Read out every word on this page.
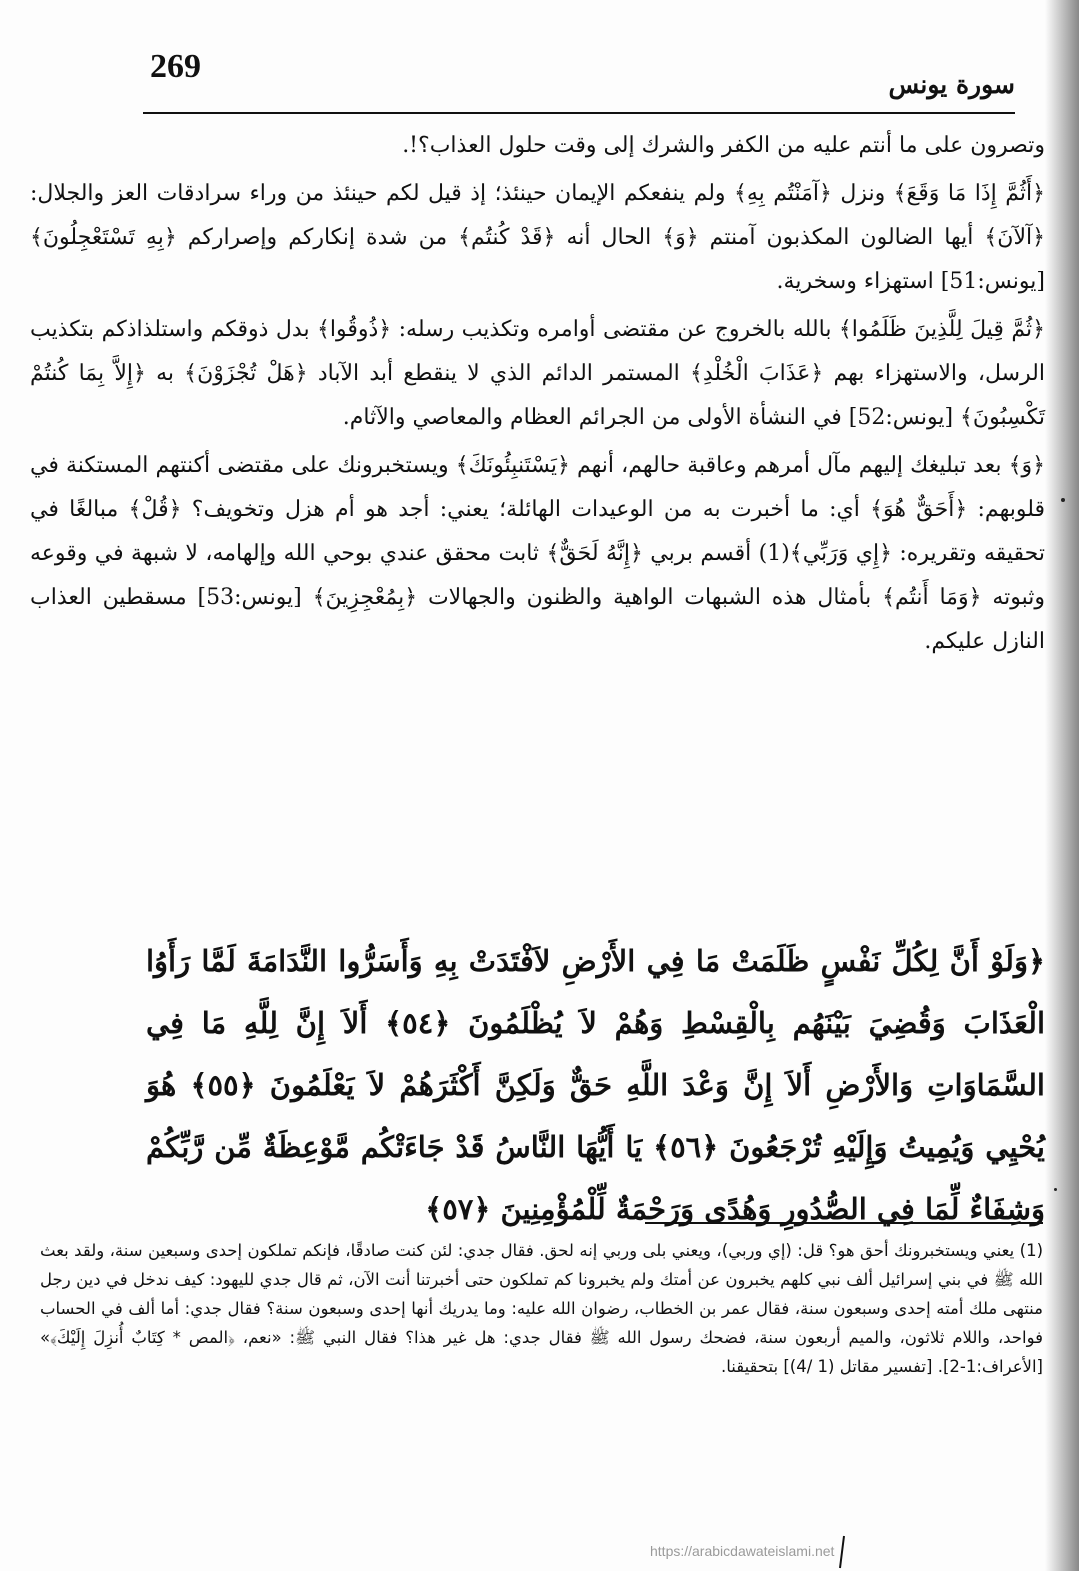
269	سورة يونس

وتصرون على ما أنتم عليه من الكفر والشرك إلى وقت حلول العذاب؟!.

﴿أَثُمَّ إِذَا مَا وَقَعَ﴾ ونزل ﴿آمَنْتُم بِهِ﴾ ولم ينفعكم الإيمان حينئذ؛ إذ قيل لكم حينئذ من وراء سرادقات العز والجلال: ﴿آلآنَ﴾ أيها الضالون المكذبون آمنتم ﴿وَ﴾ الحال أنه ﴿قَدْ كُنتُم﴾ من شدة إنكاركم وإصراركم ﴿بِهِ تَسْتَعْجِلُونَ﴾ [يونس:51] استهزاء وسخرية.

﴿ثُمَّ قِيلَ لِلَّذِينَ ظَلَمُوا﴾ بالله بالخروج عن مقتضى أوامره وتكذيب رسله: ﴿ذُوقُوا﴾ بدل ذوقكم واستلذاذكم بتكذيب الرسل، والاستهزاء بهم ﴿عَذَابَ الْخُلْدِ﴾ المستمر الدائم الذي لا ينقطع أبد الآباد ﴿هَلْ تُجْزَوْنَ﴾ به ﴿إِلاَّ بِمَا كُنتُمْ تَكْسِبُونَ﴾ [يونس:52] في النشأة الأولى من الجرائم العظام والمعاصي والآثام.

﴿وَ﴾ بعد تبليغك إليهم مآل أمرهم وعاقبة حالهم، أنهم ﴿يَسْتَنبِئُونَكَ﴾ ويستخبرونك على مقتضى أكنتهم المستكنة في قلوبهم: ﴿أَحَقٌّ هُوَ﴾ أي: ما أخبرت به من الوعيدات الهائلة؛ يعني: أجد هو أم هزل وتخويف؟ ﴿قُلْ﴾ مبالغًا في تحقيقه وتقريره: ﴿إِي وَرَبِّي﴾(1) أقسم بربي ﴿إِنَّهُ لَحَقٌّ﴾ ثابت محقق عندي بوحي الله وإلهامه، لا شبهة في وقوعه وثبوته ﴿وَمَا أَنتُم﴾ بأمثال هذه الشبهات الواهية والظنون والجهالات ﴿بِمُعْجِزِينَ﴾ [يونس:53] مسقطين العذاب النازل عليكم.

﴿وَلَوْ أَنَّ لِكُلِّ نَفْسٍ ظَلَمَتْ مَا فِي الأَرْضِ لاَفْتَدَتْ بِهِ وَأَسَرُّوا النَّدَامَةَ لَمَّا رَأَوُا الْعَذَابَ وَقُضِيَ بَيْنَهُم بِالْقِسْطِ وَهُمْ لاَ يُظْلَمُونَ ﴿٥٤﴾ أَلاَ إِنَّ لِلَّهِ مَا فِي السَّمَاوَاتِ وَالأَرْضِ أَلاَ إِنَّ وَعْدَ اللَّهِ حَقٌّ وَلَكِنَّ أَكْثَرَهُمْ لاَ يَعْلَمُونَ ﴿٥٥﴾ هُوَ يُحْيِي وَيُمِيتُ وَإِلَيْهِ تُرْجَعُونَ ﴿٥٦﴾ يَا أَيُّهَا النَّاسُ قَدْ جَاءَتْكُم مَّوْعِظَةٌ مِّن رَّبِّكُمْ وَشِفَاءٌ لِّمَا فِي الصُّدُورِ وَهُدًى وَرَحْمَةٌ لِّلْمُؤْمِنِينَ ﴿٥٧﴾
(1) يعني ويستخبرونك أحق هو؟ قل: (إي وربي)، ويعني بلى وربي إنه لحق. فقال جدي: لئن كنت صادقًا، فإنكم تملكون إحدى وسبعين سنة، ولقد بعث الله ﷺ في بني إسرائيل ألف نبي كلهم يخبرون عن أمتك ولم يخبرونا كم تملكون حتى أخبرتنا أنت الآن، ثم قال جدي لليهود: كيف ندخل في دين رجل منتهى ملك أمته إحدى وسبعون سنة، فقال عمر بن الخطاب، رضوان الله عليه: وما يدريك أنها إحدى وسبعون سنة؟ فقال جدي: أما ألف في الحساب فواحد، واللام ثلاثون، والميم أربعون سنة، فضحك رسول الله ﷺ فقال جدي: هل غير هذا؟ فقال النبي ﷺ: «نعم، ﴿المص * كِتَابٌ أُنزِلَ إِلَيْكَ﴾» [الأعراف:1-2]. [تفسير مقاتل (1 /4)] بتحقيقنا.
https://arabicdawateislami.net
